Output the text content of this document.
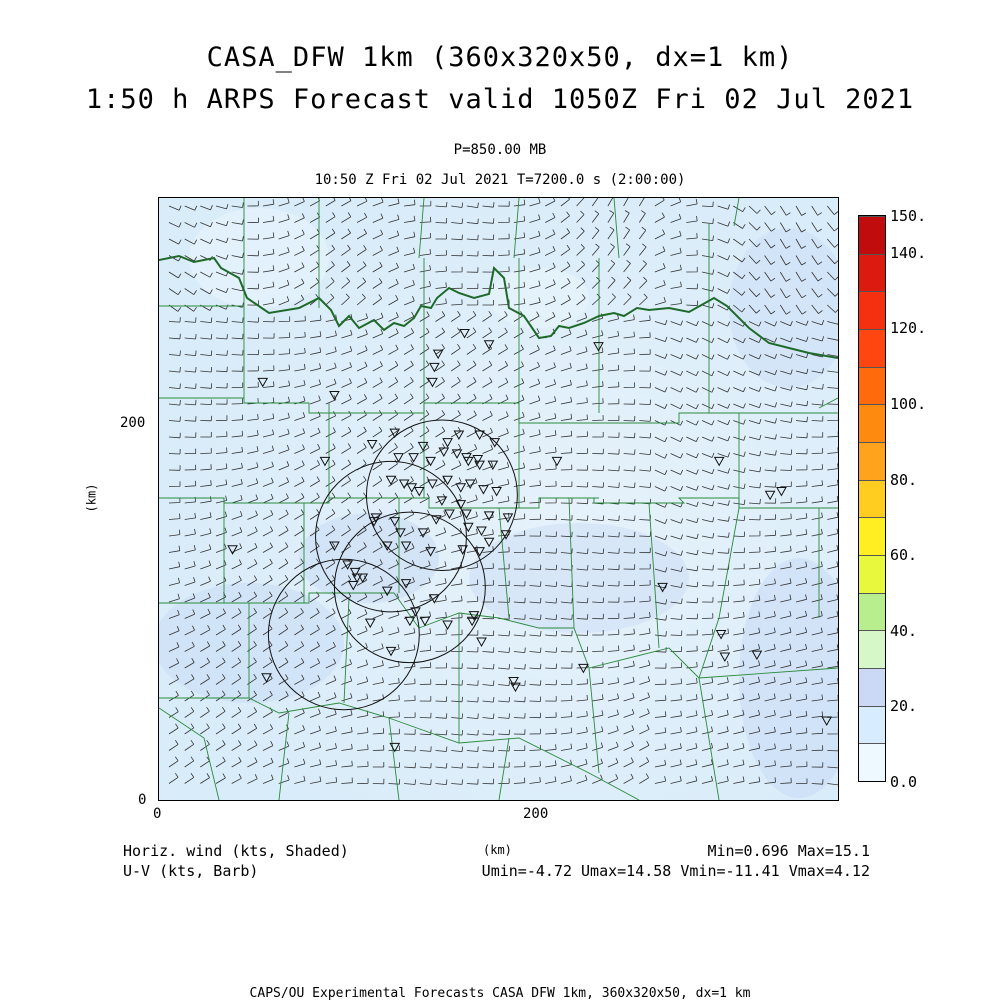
CASA_DFW 1km (360x320x50, dx=1 km)
1:50 h ARPS Forecast valid 1050Z Fri 02 Jul 2021
P=850.00 MB
10:50 Z Fri 02 Jul 2021 T=7200.0 s (2:00:00)
0	200
0
200
(km)
0.0
20.
40.
60.
80.
100.
120.
140.
150.
Horiz. wind (kts, Shaded)
U-V (kts, Barb)
(km)	Min=0.696 Max=15.1
Umin=-4.72 Umax=14.58 Vmin=-11.41 Vmax=4.12
CAPS/OU Experimental Forecasts CASA DFW 1km, 360x320x50, dx=1 km
